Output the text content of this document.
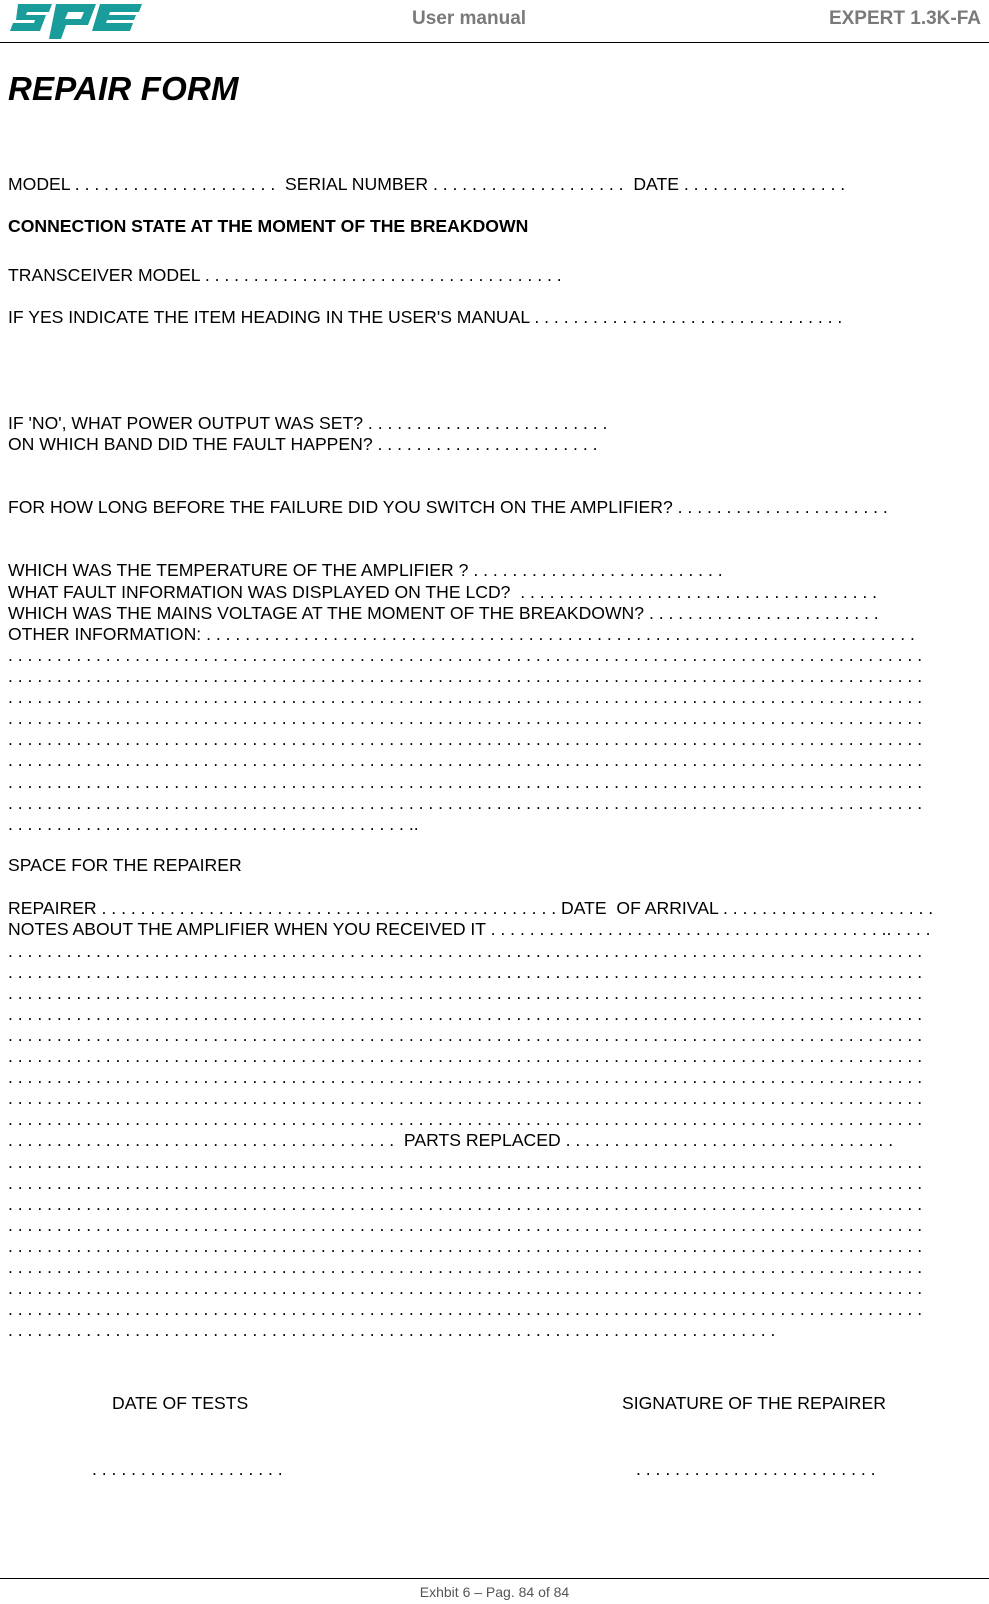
User manual	EXPERT 1.3K-FA
REPAIR FORM
MODEL . . . . . . . . . . . . . . . . . . . . .  SERIAL NUMBER . . . . . . . . . . . . . . . . . . . .  DATE . . . . . . . . . . . . . . . . .
CONNECTION STATE AT THE MOMENT OF THE BREAKDOWN
TRANSCEIVER MODEL . . . . . . . . . . . . . . . . . . . . . . . . . . . . . . . . . . . . .

IF YES INDICATE THE ITEM HEADING IN THE USER'S MANUAL . . . . . . . . . . . . . . . . . . . . . . . . . . . . . . . .

IF 'NO', WHAT POWER OUTPUT WAS SET? . . . . . . . . . . . . . . . . . . . . . . . . .
ON WHICH BAND DID THE FAULT HAPPEN? . . . . . . . . . . . . . . . . . . . . . . .

FOR HOW LONG BEFORE THE FAILURE DID YOU SWITCH ON THE AMPLIFIER? . . . . . . . . . . . . . . . . . . . . . .

WHICH WAS THE TEMPERATURE OF THE AMPLIFIER ? . . . . . . . . . . . . . . . . . . . . . . . . . .
WHAT FAULT INFORMATION WAS DISPLAYED ON THE LCD?  . . . . . . . . . . . . . . . . . . . . . . . . . . . . . . . . . . . . .
WHICH WAS THE MAINS VOLTAGE AT THE MOMENT OF THE BREAKDOWN? . . . . . . . . . . . . . . . . . . . . . . . .
OTHER INFORMATION: . . . . . . . . . . . . . . . . . . . . . . . . . . . . . . . . . . . . . . . . . . . . . . . . . . . . . . . . . . . . . . . . . . . . . . . . .
. . . . . . . . . . . . . . . . . . . . . . . . . . . . . . . . . . . . . . . . . . . . . . . . . . . . . . . . . . . . . . . . . . . . . . . . . . . . . . . . . . . . . . . . . . . . . .
. . . . . . . . . . . . . . . . . . . . . . . . . . . . . . . . . . . . . . . . . . . . . . . . . . . . . . . . . . . . . . . . . . . . . . . . . . . . . . . . . . . . . . . . . . . . . .
. . . . . . . . . . . . . . . . . . . . . . . . . . . . . . . . . . . . . . . . . . . . . . . . . . . . . . . . . . . . . . . . . . . . . . . . . . . . . . . . . . . . . . . . . . . . . .
. . . . . . . . . . . . . . . . . . . . . . . . . . . . . . . . . . . . . . . . . . . . . . . . . . . . . . . . . . . . . . . . . . . . . . . . . . . . . . . . . . . . . . . . . . . . . .
. . . . . . . . . . . . . . . . . . . . . . . . . . . . . . . . . . . . . . . . . . . . . . . . . . . . . . . . . . . . . . . . . . . . . . . . . . . . . . . . . . . . . . . . . . . . . .
. . . . . . . . . . . . . . . . . . . . . . . . . . . . . . . . . . . . . . . . . . . . . . . . . . . . . . . . . . . . . . . . . . . . . . . . . . . . . . . . . . . . . . . . . . . . . .
. . . . . . . . . . . . . . . . . . . . . . . . . . . . . . . . . . . . . . . . . . . . . . . . . . . . . . . . . . . . . . . . . . . . . . . . . . . . . . . . . . . . . . . . . . . . . .
. . . . . . . . . . . . . . . . . . . . . . . . . . . . . . . . . . . . . . . . . . . . . . . . . . . . . . . . . . . . . . . . . . . . . . . . . . . . . . . . . . . . . . . . . . . . . .
. . . . . . . . . . . . . . . . . . . . . . . . . . . . . . . . . . . . . . . . . ..
SPACE FOR THE REPAIRER
REPAIRER . . . . . . . . . . . . . . . . . . . . . . . . . . . . . . . . . . . . . . . . . . . . . . . DATE  OF ARRIVAL . . . . . . . . . . . . . . . . . . . . . .
NOTES ABOUT THE AMPLIFIER WHEN YOU RECEIVED IT . . . . . . . . . . . . . . . . . . . . . . . . . . . . . . . . . . . . . . . . .. . . . .
. . . . . . . . . . . . . . . . . . . . . . . . . . . . . . . . . . . . . . . . . . . . . . . . . . . . . . . . . . . . . . . . . . . . . . . . . . . . . . . . . . . . . . . . . . . . . .
. . . . . . . . . . . . . . . . . . . . . . . . . . . . . . . . . . . . . . . . . . . . . . . . . . . . . . . . . . . . . . . . . . . . . . . . . . . . . . . . . . . . . . . . . . . . . .
. . . . . . . . . . . . . . . . . . . . . . . . . . . . . . . . . . . . . . . . . . . . . . . . . . . . . . . . . . . . . . . . . . . . . . . . . . . . . . . . . . . . . . . . . . . . . .
. . . . . . . . . . . . . . . . . . . . . . . . . . . . . . . . . . . . . . . . . . . . . . . . . . . . . . . . . . . . . . . . . . . . . . . . . . . . . . . . . . . . . . . . . . . . . .
. . . . . . . . . . . . . . . . . . . . . . . . . . . . . . . . . . . . . . . . . . . . . . . . . . . . . . . . . . . . . . . . . . . . . . . . . . . . . . . . . . . . . . . . . . . . . .
. . . . . . . . . . . . . . . . . . . . . . . . . . . . . . . . . . . . . . . . . . . . . . . . . . . . . . . . . . . . . . . . . . . . . . . . . . . . . . . . . . . . . . . . . . . . . .
. . . . . . . . . . . . . . . . . . . . . . . . . . . . . . . . . . . . . . . . . . . . . . . . . . . . . . . . . . . . . . . . . . . . . . . . . . . . . . . . . . . . . . . . . . . . . .
. . . . . . . . . . . . . . . . . . . . . . . . . . . . . . . . . . . . . . . . . . . . . . . . . . . . . . . . . . . . . . . . . . . . . . . . . . . . . . . . . . . . . . . . . . . . . .
. . . . . . . . . . . . . . . . . . . . . . . . . . . . . . . . . . . . . . . . . . . . . . . . . . . . . . . . . . . . . . . . . . . . . . . . . . . . . . . . . . . . . . . . . . . . . .
. . . . . . . . . . . . . . . . . . . . . . . . . . . . . . . . . . . . . . . .  PARTS REPLACED . . . . . . . . . . . . . . . . . . . . . . . . . . . . . . . . . .
. . . . . . . . . . . . . . . . . . . . . . . . . . . . . . . . . . . . . . . . . . . . . . . . . . . . . . . . . . . . . . . . . . . . . . . . . . . . . . . . . . . . . . . . . . . . . .
. . . . . . . . . . . . . . . . . . . . . . . . . . . . . . . . . . . . . . . . . . . . . . . . . . . . . . . . . . . . . . . . . . . . . . . . . . . . . . . . . . . . . . . . . . . . . .
. . . . . . . . . . . . . . . . . . . . . . . . . . . . . . . . . . . . . . . . . . . . . . . . . . . . . . . . . . . . . . . . . . . . . . . . . . . . . . . . . . . . . . . . . . . . . .
. . . . . . . . . . . . . . . . . . . . . . . . . . . . . . . . . . . . . . . . . . . . . . . . . . . . . . . . . . . . . . . . . . . . . . . . . . . . . . . . . . . . . . . . . . . . . .
. . . . . . . . . . . . . . . . . . . . . . . . . . . . . . . . . . . . . . . . . . . . . . . . . . . . . . . . . . . . . . . . . . . . . . . . . . . . . . . . . . . . . . . . . . . . . .
. . . . . . . . . . . . . . . . . . . . . . . . . . . . . . . . . . . . . . . . . . . . . . . . . . . . . . . . . . . . . . . . . . . . . . . . . . . . . . . . . . . . . . . . . . . . . .
. . . . . . . . . . . . . . . . . . . . . . . . . . . . . . . . . . . . . . . . . . . . . . . . . . . . . . . . . . . . . . . . . . . . . . . . . . . . . . . . . . . . . . . . . . . . . .
. . . . . . . . . . . . . . . . . . . . . . . . . . . . . . . . . . . . . . . . . . . . . . . . . . . . . . . . . . . . . . . . . . . . . . . . . . . . . . . . . . . . . . . . . . . . . .
. . . . . . . . . . . . . . . . . . . . . . . . . . . . . . . . . . . . . . . . . . . . . . . . . . . . . . . . . . . . . . . . . . . . . . . . . . . . . . .
DATE OF TESTS	SIGNATURE OF THE REPAIRER
. . . . . . . . . . . . . . . . . . . .	. . . . . . . . . . . . . . . . . . . . . . . . .
Exhbit 6 – Pag. 84 of 84
